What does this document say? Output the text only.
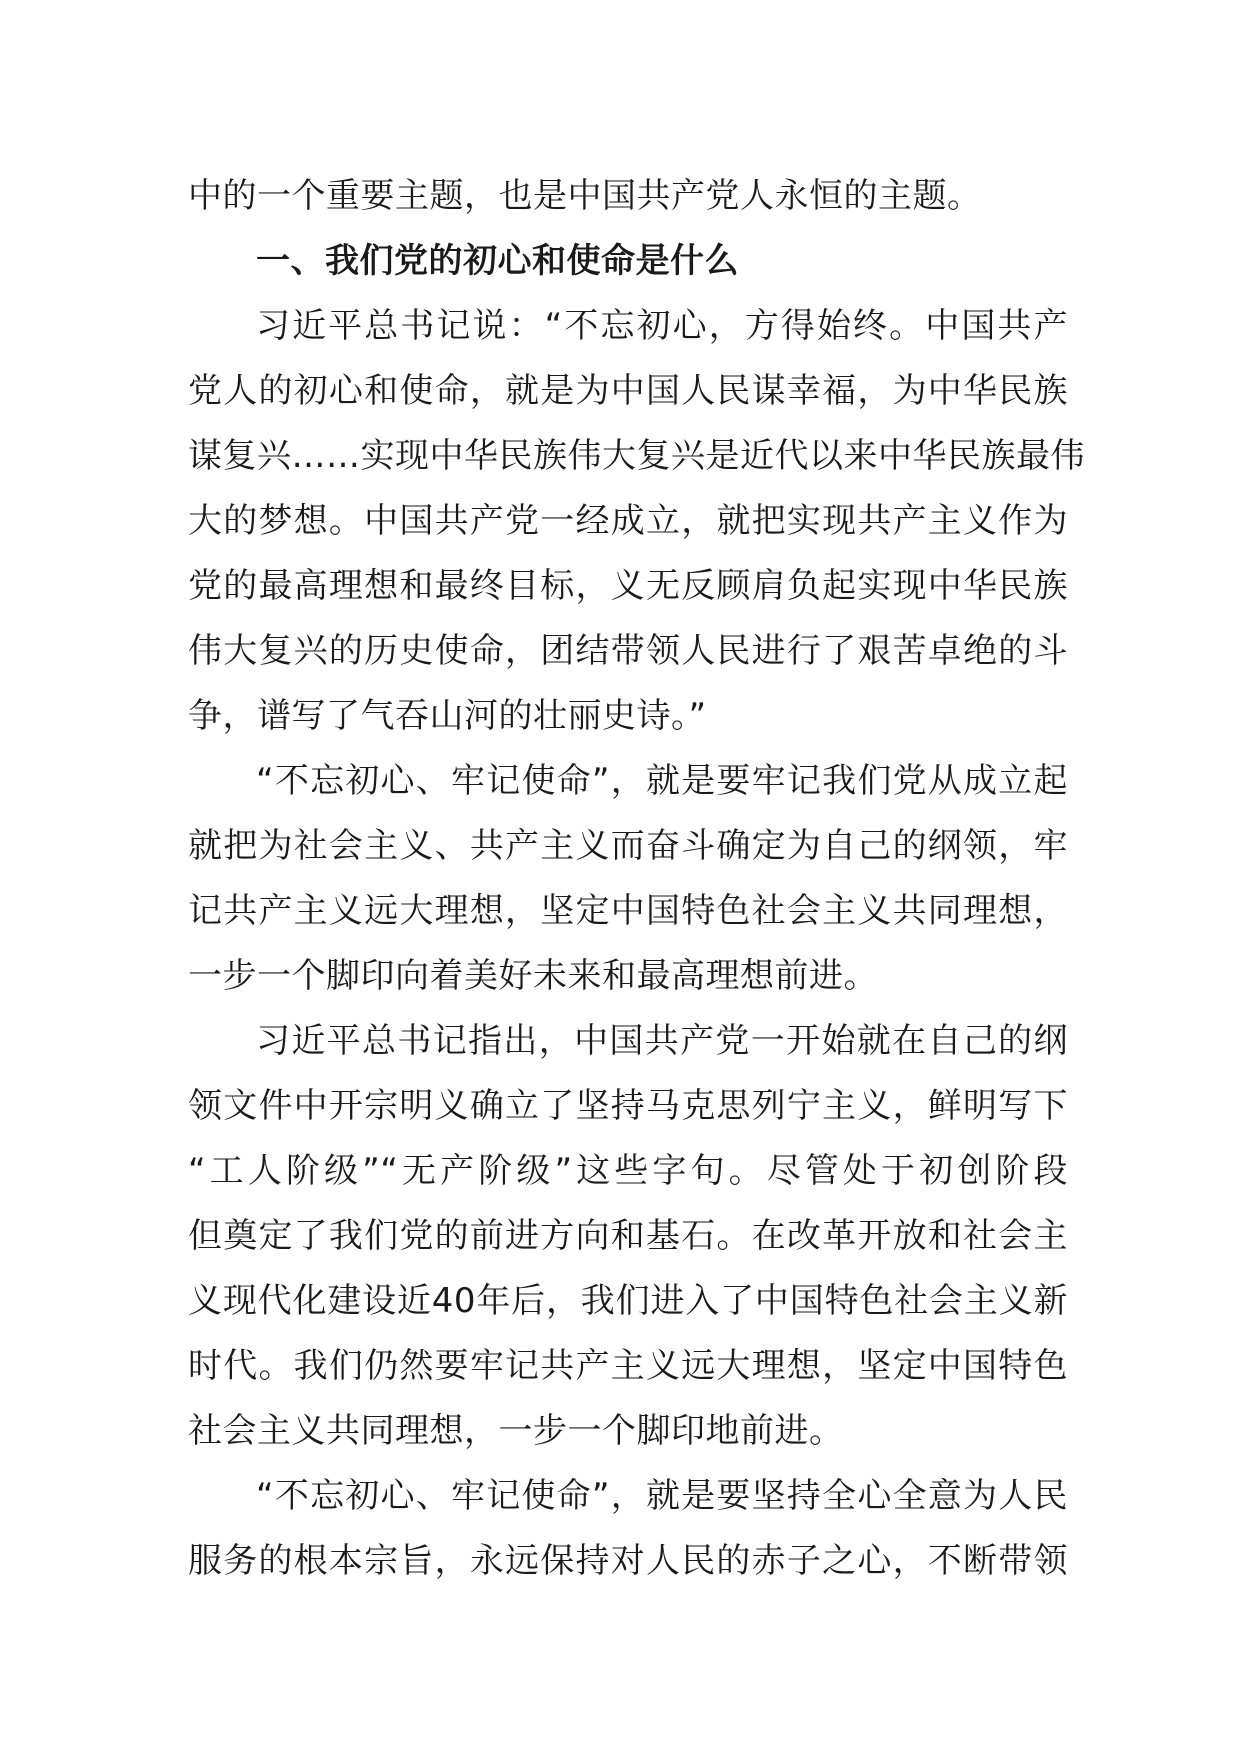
中的一个重要主题，也是中国共产党人永恒的主题。
一、我们党的初心和使命是什么
习近平总书记说：“不忘初心，方得始终。中国共产
党人的初心和使命，就是为中国人民谋幸福，为中华民族
谋复兴……实现中华民族伟大复兴是近代以来中华民族最伟
大的梦想。中国共产党一经成立，就把实现共产主义作为
党的最高理想和最终目标，义无反顾肩负起实现中华民族
伟大复兴的历史使命，团结带领人民进行了艰苦卓绝的斗
争，谱写了气吞山河的壮丽史诗。”
“不忘初心、牢记使命”，就是要牢记我们党从成立起
就把为社会主义、共产主义而奋斗确定为自己的纲领，牢
记共产主义远大理想，坚定中国特色社会主义共同理想，
一步一个脚印向着美好未来和最高理想前进。
习近平总书记指出，中国共产党一开始就在自己的纲
领文件中开宗明义确立了坚持马克思列宁主义，鲜明写下
“工人阶级”“无产阶级”这些字句。尽管处于初创阶段
但奠定了我们党的前进方向和基石。在改革开放和社会主
义现代化建设近40年后，我们进入了中国特色社会主义新
时代。我们仍然要牢记共产主义远大理想，坚定中国特色
社会主义共同理想，一步一个脚印地前进。
“不忘初心、牢记使命”，就是要坚持全心全意为人民
服务的根本宗旨，永远保持对人民的赤子之心，不断带领
